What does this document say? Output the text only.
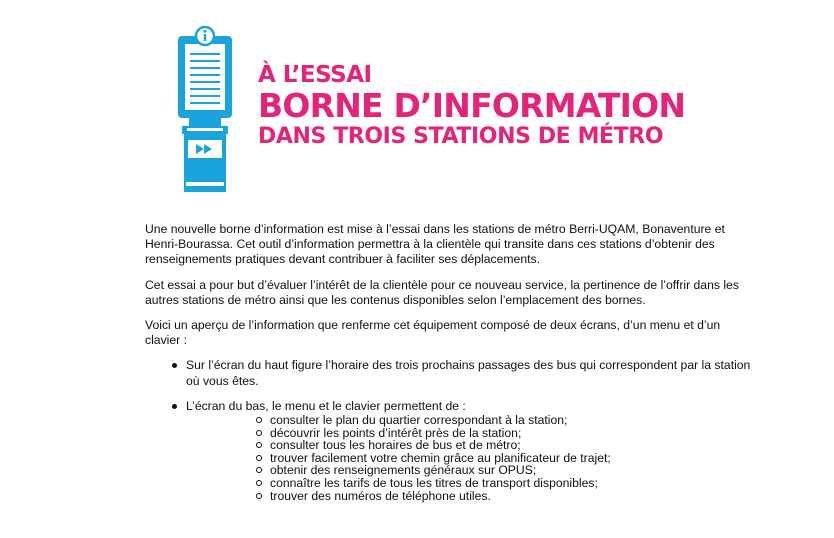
À L’ESSAI
BORNE D’INFORMATION
DANS TROIS STATIONS DE MÉTRO

Une nouvelle borne d’information est mise à l’essai dans les stations de métro Berri-UQAM, Bonaventure et Henri-Bourassa. Cet outil d’information permettra à la clientèle qui transite dans ces stations d’obtenir des renseignements pratiques devant contribuer à faciliter ses déplacements.

Cet essai a pour but d’évaluer l’intérêt de la clientèle pour ce nouveau service, la pertinence de l’offrir dans les autres stations de métro ainsi que les contenus disponibles selon l’emplacement des bornes.

Voici un aperçu de l’information que renferme cet équipement composé de deux écrans, d’un menu et d’un clavier :

Sur l’écran du haut figure l’horaire des trois prochains passages des bus qui correspondent par la station où vous êtes.
L’écran du bas, le menu et le clavier permettent de :
consulter le plan du quartier correspondant à la station;
découvrir les points d’intérêt près de la station;
consulter tous les horaires de bus et de métro;
trouver facilement votre chemin grâce au planificateur de trajet;
obtenir des renseignements généraux sur OPUS;
connaître les tarifs de tous les titres de transport disponibles;
trouver des numéros de téléphone utiles.
